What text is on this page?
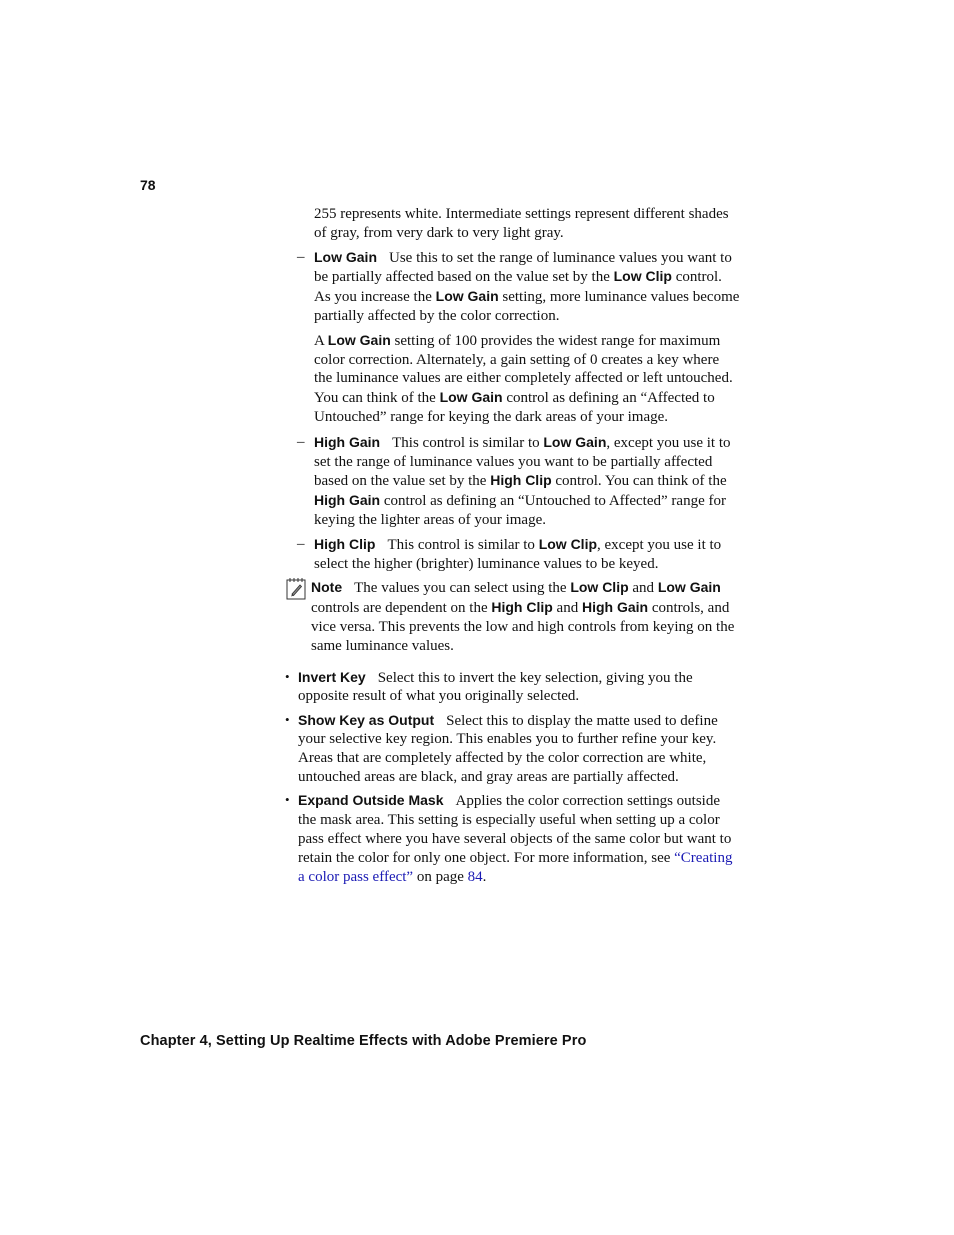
78

255 represents white. Intermediate settings represent different shades of gray, from very dark to very light gray.

– Low Gain Use this to set the range of luminance values you want to be partially affected based on the value set by the Low Clip control. As you increase the Low Gain setting, more luminance values become partially affected by the color correction.

A Low Gain setting of 100 provides the widest range for maximum color correction. Alternately, a gain setting of 0 creates a key where the luminance values are either completely affected or left untouched. You can think of the Low Gain control as defining an “Affected to Untouched” range for keying the dark areas of your image.

– High Gain This control is similar to Low Gain, except you use it to set the range of luminance values you want to be partially affected based on the value set by the High Clip control. You can think of the High Gain control as defining an “Untouched to Affected” range for keying the lighter areas of your image.
– High Clip This control is similar to Low Clip, except you use it to select the higher (brighter) luminance values to be keyed.
Note The values you can select using the Low Clip and Low Gain controls are dependent on the High Clip and High Gain controls, and vice versa. This prevents the low and high controls from keying on the same luminance values.
• Invert Key Select this to invert the key selection, giving you the opposite result of what you originally selected.
• Show Key as Output Select this to display the matte used to define your selective key region. This enables you to further refine your key. Areas that are completely affected by the color correction are white, untouched areas are black, and gray areas are partially affected.
• Expand Outside Mask Applies the color correction settings outside the mask area. This setting is especially useful when setting up a color pass effect where you have several objects of the same color but want to retain the color for only one object. For more information, see “Creating a color pass effect” on page 84.
Chapter 4, Setting Up Realtime Effects with Adobe Premiere Pro
